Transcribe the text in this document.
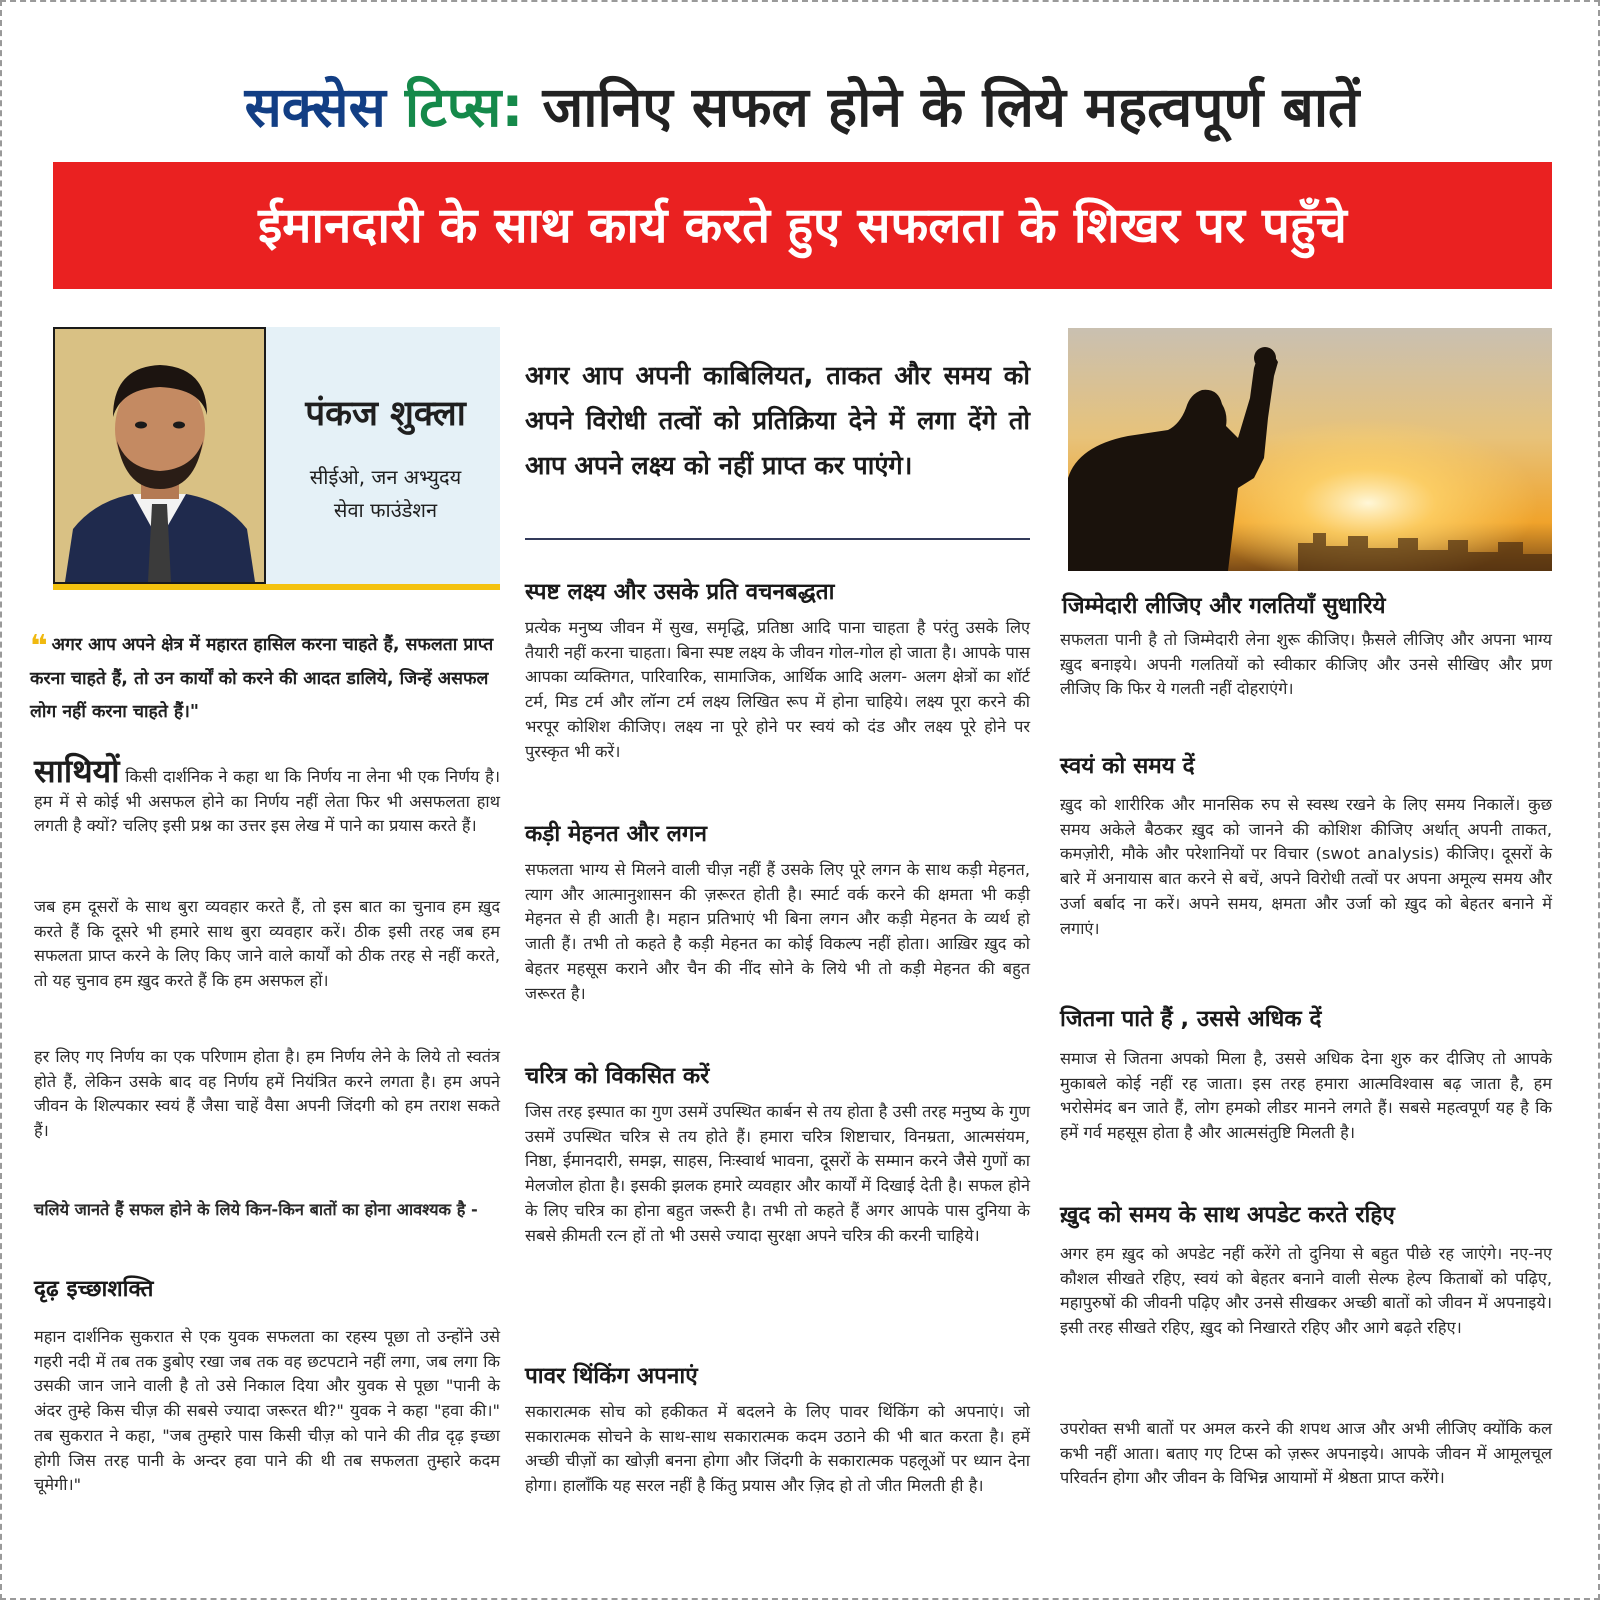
सक्सेस टिप्स: जानिए सफल होने के लिये महत्वपूर्ण बातें
ईमानदारी के साथ कार्य करते हुए सफलता के शिखर पर पहुँचे
पंकज शुक्ला
सीईओ, जन अभ्युदय
सेवा फाउंडेशन
❝ अगर आप अपने क्षेत्र में महारत हासिल करना चाहते हैं, सफलता प्राप्त करना चाहते हैं, तो उन कार्यों को करने की आदत डालिये, जिन्हें असफल लोग नहीं करना चाहते हैं।"

साथियों किसी दार्शनिक ने कहा था कि निर्णय ना लेना भी एक निर्णय है। हम में से कोई भी असफल होने का निर्णय नहीं लेता फिर भी असफलता हाथ लगती है क्यों? चलिए इसी प्रश्न का उत्तर इस लेख में पाने का प्रयास करते हैं।

जब हम दूसरों के साथ बुरा व्यवहार करते हैं, तो इस बात का चुनाव हम ख़ुद करते हैं कि दूसरे भी हमारे साथ बुरा व्यवहार करें। ठीक इसी तरह जब हम सफलता प्राप्त करने के लिए किए जाने वाले कार्यों को ठीक तरह से नहीं करते, तो यह चुनाव हम ख़ुद करते हैं कि हम असफल हों।

हर लिए गए निर्णय का एक परिणाम होता है। हम निर्णय लेने के लिये तो स्वतंत्र होते हैं, लेकिन उसके बाद वह निर्णय हमें नियंत्रित करने लगता है। हम अपने जीवन के शिल्पकार स्वयं हैं जैसा चाहें वैसा अपनी जिंदगी को हम तराश सकते हैं।

चलिये जानते हैं सफल होने के लिये किन-किन बातों का होना आवश्यक है -

दृढ़ इच्छाशक्ति

महान दार्शनिक सुकरात से एक युवक सफलता का रहस्य पूछा तो उन्होंने उसे गहरी नदी में तब तक डुबोए रखा जब तक वह छटपटाने नहीं लगा, जब लगा कि उसकी जान जाने वाली है तो उसे निकाल दिया और युवक से पूछा "पानी के अंदर तुम्हे किस चीज़ की सबसे ज्यादा जरूरत थी?" युवक ने कहा "हवा की।" तब सुकरात ने कहा, "जब तुम्हारे पास किसी चीज़ को पाने की तीव्र दृढ़ इच्छा होगी जिस तरह पानी के अन्दर हवा पाने की थी तब सफलता तुम्हारे कदम चूमेगी।"

अगर आप अपनी काबिलियत, ताकत और समय को अपने विरोधी तत्वों को प्रतिक्रिया देने में लगा देंगे तो आप अपने लक्ष्य को नहीं प्राप्त कर पाएंगे।
स्पष्ट लक्ष्य और उसके प्रति वचनबद्धता

प्रत्येक मनुष्य जीवन में सुख, समृद्धि, प्रतिष्ठा आदि पाना चाहता है परंतु उसके लिए तैयारी नहीं करना चाहता। बिना स्पष्ट लक्ष्य के जीवन गोल-गोल हो जाता है। आपके पास आपका व्यक्तिगत, पारिवारिक, सामाजिक, आर्थिक आदि अलग- अलग क्षेत्रों का शॉर्ट टर्म, मिड टर्म और लॉन्ग टर्म लक्ष्य लिखित रूप में होना चाहिये। लक्ष्य पूरा करने की भरपूर कोशिश कीजिए। लक्ष्य ना पूरे होने पर स्वयं को दंड और लक्ष्य पूरे होने पर पुरस्कृत भी करें।

कड़ी मेहनत और लगन

सफलता भाग्य से मिलने वाली चीज़ नहीं हैं उसके लिए पूरे लगन के साथ कड़ी मेहनत, त्याग और आत्मानुशासन की ज़रूरत होती है। स्मार्ट वर्क करने की क्षमता भी कड़ी मेहनत से ही आती है। महान प्रतिभाएं भी बिना लगन और कड़ी मेहनत के व्यर्थ हो जाती हैं। तभी तो कहते है कड़ी मेहनत का कोई विकल्प नहीं होता। आख़िर ख़ुद को बेहतर महसूस कराने और चैन की नींद सोने के लिये भी तो कड़ी मेहनत की बहुत जरूरत है।

चरित्र को विकसित करें

जिस तरह इस्पात का गुण उसमें उपस्थित कार्बन से तय होता है उसी तरह मनुष्य के गुण उसमें उपस्थित चरित्र से तय होते हैं। हमारा चरित्र शिष्टाचार, विनम्रता, आत्मसंयम, निष्ठा, ईमानदारी, समझ, साहस, निःस्वार्थ भावना, दूसरों के सम्मान करने जैसे गुणों का मेलजोल होता है। इसकी झलक हमारे व्यवहार और कार्यों में दिखाई देती है। सफल होने के लिए चरित्र का होना बहुत जरूरी है। तभी तो कहते हैं अगर आपके पास दुनिया के सबसे क़ीमती रत्न हों तो भी उससे ज्यादा सुरक्षा अपने चरित्र की करनी चाहिये।

पावर थिंकिंग अपनाएं

सकारात्मक सोच को हकीकत में बदलने के लिए पावर थिंकिंग को अपनाएं। जो सकारात्मक सोचने के साथ-साथ सकारात्मक कदम उठाने की भी बात करता है। हमें अच्छी चीज़ों का खोज़ी बनना होगा और जिंदगी के सकारात्मक पहलूओं पर ध्यान देना होगा। हालाँकि यह सरल नहीं है किंतु प्रयास और ज़िद हो तो जीत मिलती ही है।

जिम्मेदारी लीजिए और गलतियाँ सुधारिये

सफलता पानी है तो जिम्मेदारी लेना शुरू कीजिए। फ़ैसले लीजिए और अपना भाग्य ख़ुद बनाइये। अपनी गलतियों को स्वीकार कीजिए और उनसे सीखिए और प्रण लीजिए कि फिर ये गलती नहीं दोहराएंगे।

स्वयं को समय दें

ख़ुद को शारीरिक और मानसिक रुप से स्वस्थ रखने के लिए समय निकालें। कुछ समय अकेले बैठकर ख़ुद को जानने की कोशिश कीजिए अर्थात् अपनी ताकत, कमज़ोरी, मौके और परेशानियों पर विचार (swot analysis) कीजिए। दूसरों के बारे में अनायास बात करने से बचें, अपने विरोधी तत्वों पर अपना अमूल्य समय और उर्जा बर्बाद ना करें। अपने समय, क्षमता और उर्जा को ख़ुद को बेहतर बनाने में लगाएं।

जितना पाते हैं , उससे अधिक दें

समाज से जितना अपको मिला है, उससे अधिक देना शुरु कर दीजिए तो आपके मुकाबले कोई नहीं रह जाता। इस तरह हमारा आत्मविश्वास बढ़ जाता है, हम भरोसेमंद बन जाते हैं, लोग हमको लीडर मानने लगते हैं। सबसे महत्वपूर्ण यह है कि हमें गर्व महसूस होता है और आत्मसंतुष्टि मिलती है।

ख़ुद को समय के साथ अपडेट करते रहिए

अगर हम ख़ुद को अपडेट नहीं करेंगे तो दुनिया से बहुत पीछे रह जाएंगे। नए-नए कौशल सीखते रहिए, स्वयं को बेहतर बनाने वाली सेल्फ हेल्प किताबों को पढ़िए, महापुरुषों की जीवनी पढ़िए और उनसे सीखकर अच्छी बातों को जीवन में अपनाइये। इसी तरह सीखते रहिए, ख़ुद को निखारते रहिए और आगे बढ़ते रहिए।

उपरोक्त सभी बातों पर अमल करने की शपथ आज और अभी लीजिए क्योंकि कल कभी नहीं आता। बताए गए टिप्स को ज़रूर अपनाइये। आपके जीवन में आमूलचूल परिवर्तन होगा और जीवन के विभिन्न आयामों में श्रेष्ठता प्राप्त करेंगे।
